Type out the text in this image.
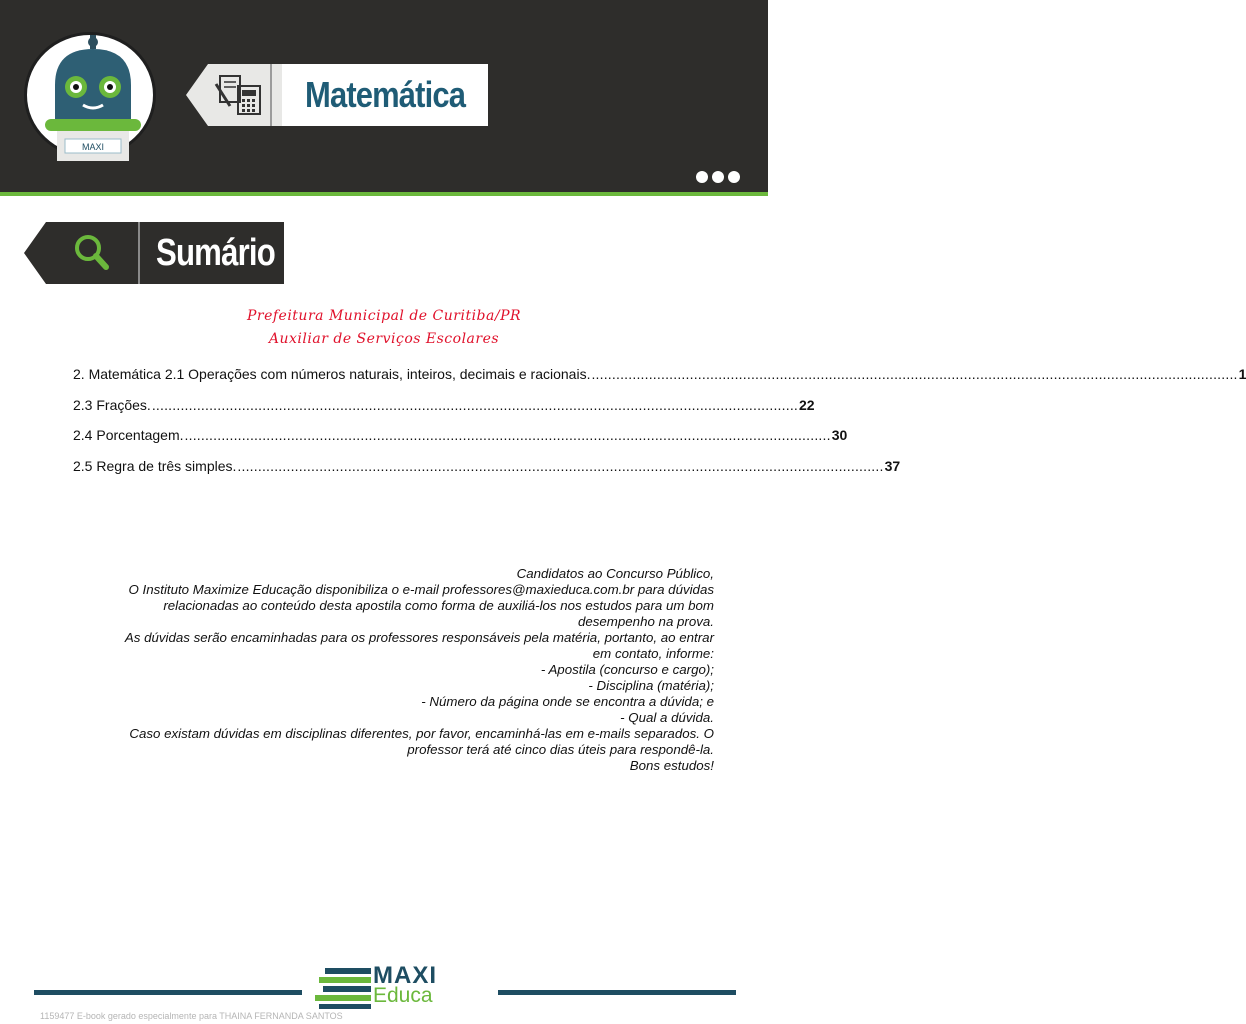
MAXI
Matemática
Sumário
Prefeitura Municipal de Curitiba/PR
Auxiliar de Serviços Escolares
2. Matemática 2.1 Operações com números naturais, inteiros, decimais e racionais. .............................................................................................................................................................. 1
2.3 Frações. .............................................................................................................................................................. 22
2.4 Porcentagem. .............................................................................................................................................................. 30
2.5 Regra de três simples. .............................................................................................................................................................. 37
Candidatos ao Concurso Público,
O Instituto Maximize Educação disponibiliza o e-mail professores@maxieduca.com.br para dúvidas
relacionadas ao conteúdo desta apostila como forma de auxiliá-los nos estudos para um bom
desempenho na prova.
As dúvidas serão encaminhadas para os professores responsáveis pela matéria, portanto, ao entrar
em contato, informe:
- Apostila (concurso e cargo);
- Disciplina (matéria);
- Número da página onde se encontra a dúvida; e
- Qual a dúvida.
Caso existam dúvidas em disciplinas diferentes, por favor, encaminhá-las em e-mails separados. O
professor terá até cinco dias úteis para respondê-la.
Bons estudos!
MAXI
Educa
1159477 E-book gerado especialmente para THAINA FERNANDA SANTOS
